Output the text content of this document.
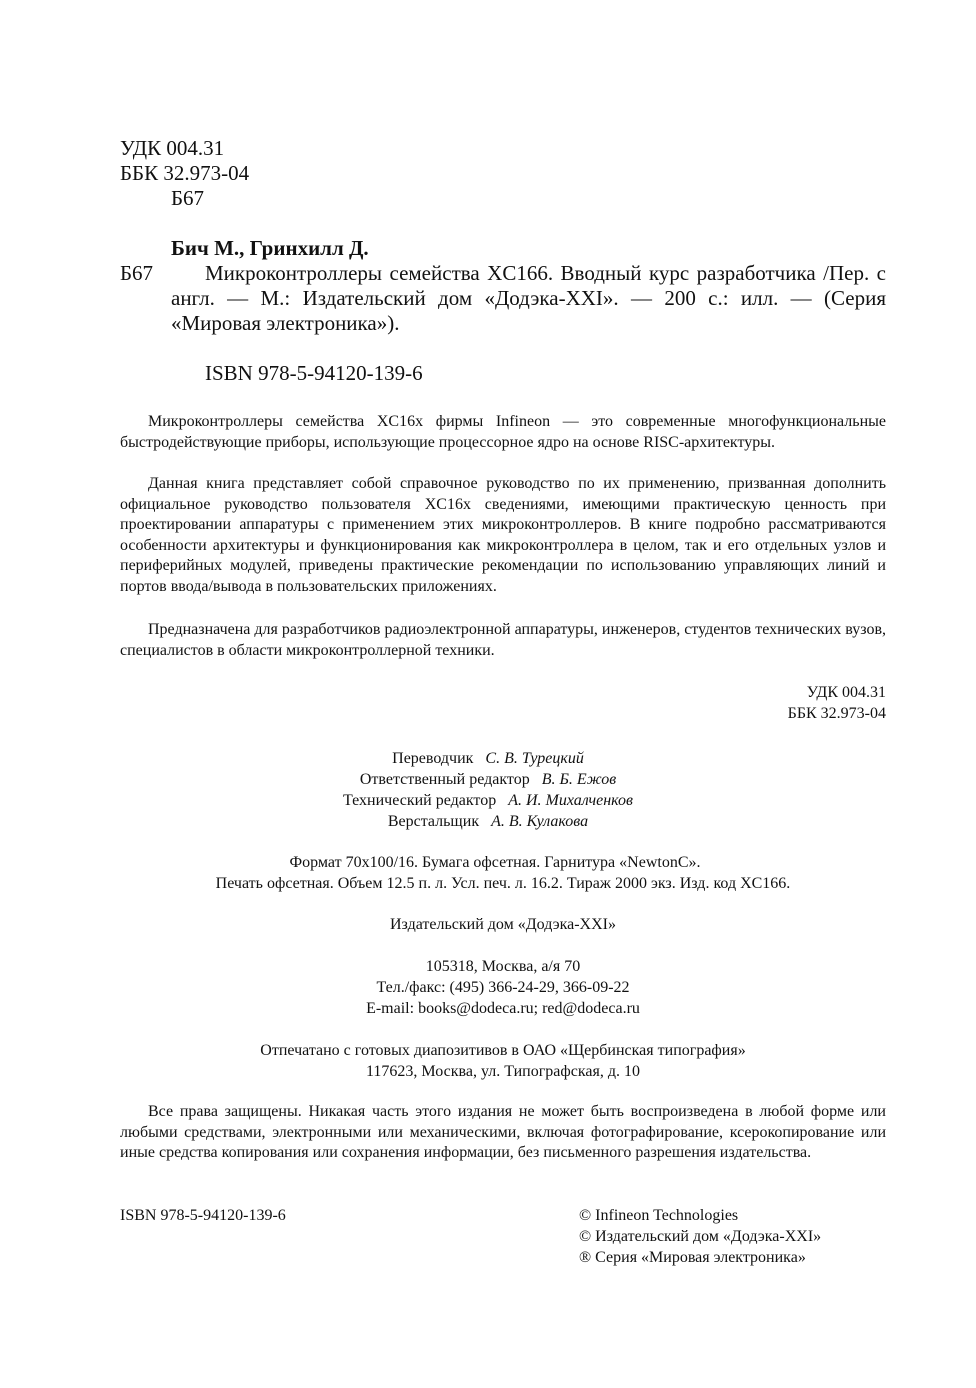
УДК 004.31
ББК 32.973-04
Б67
Бич М., Гринхилл Д.
Б67	Микроконтроллеры семейства XC166. Вводный курс разработчика /Пер. с англ. — М.: Издательский дом «Додэка-XXI». — 200 с.: илл. — (Серия «Мировая электроника»).
ISBN 978-5-94120-139-6
Микроконтроллеры семейства XC16x фирмы Infineon — это современные многофункциональные быстродействующие приборы, использующие процессорное ядро на основе RISC-архитектуры.
Данная книга представляет собой справочное руководство по их применению, призванная дополнить официальное руководство пользователя XC16x сведениями, имеющими практическую ценность при проектировании аппаратуры с применением этих микроконтроллеров. В книге подробно рассматриваются особенности архитектуры и функционирования как микроконтроллера в целом, так и его отдельных узлов и периферийных модулей, приведены практические рекомендации по использованию управляющих линий и портов ввода/вывода в пользовательских приложениях.
Предназначена для разработчиков радиоэлектронной аппаратуры, инженеров, студентов технических вузов, специалистов в области микроконтроллерной техники.
УДК 004.31
ББК 32.973-04
Переводчик С. В. Турецкий
Ответственный редактор В. Б. Ежов
Технический редактор А. И. Михалченков
Верстальщик А. В. Кулакова
Формат 70х100/16. Бумага офсетная. Гарнитура «NewtonC».
Печать офсетная. Объем 12.5 п. л. Усл. печ. л. 16.2. Тираж 2000 экз. Изд. код XC166.
Издательский дом «Додэка-XXI»
105318, Москва, а/я 70
Тел./факс: (495) 366-24-29, 366-09-22
E-mail: books@dodeca.ru; red@dodeca.ru
Отпечатано с готовых диапозитивов в ОАО «Щербинская типография»
117623, Москва, ул. Типографская, д. 10
Все права защищены. Никакая часть этого издания не может быть воспроизведена в любой форме или любыми средствами, электронными или механическими, включая фотографирование, ксерокопирование или иные средства копирования или сохранения информации, без письменного разрешения издательства.
ISBN 978-5-94120-139-6	© Infineon Technologies
© Издательский дом «Додэка-XXI»
® Серия «Мировая электроника»
